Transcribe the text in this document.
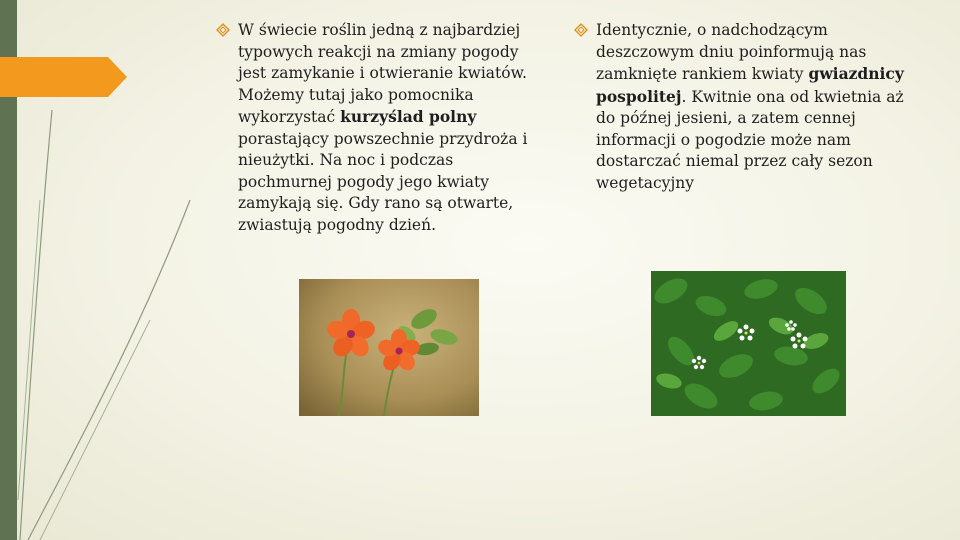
W świecie roślin jedną z najbardziej typowych reakcji na zmiany pogody jest zamykanie i otwieranie kwiatów. Możemy tutaj jako pomocnika wykorzystać kurzyślad polny porastający powszechnie przydroża i nieużytki. Na noc i podczas pochmurnej pogody jego kwiaty zamykają się. Gdy rano są otwarte, zwiastują pogodny dzień.
Identycznie, o nadchodzącym deszczowym dniu poinformują nas zamknięte rankiem kwiaty gwiazdnicy pospolitej. Kwitnie ona od kwietnia aż do późnej jesieni, a zatem cennej informacji o pogodzie może nam dostarczać niemal przez cały sezon wegetacyjny
